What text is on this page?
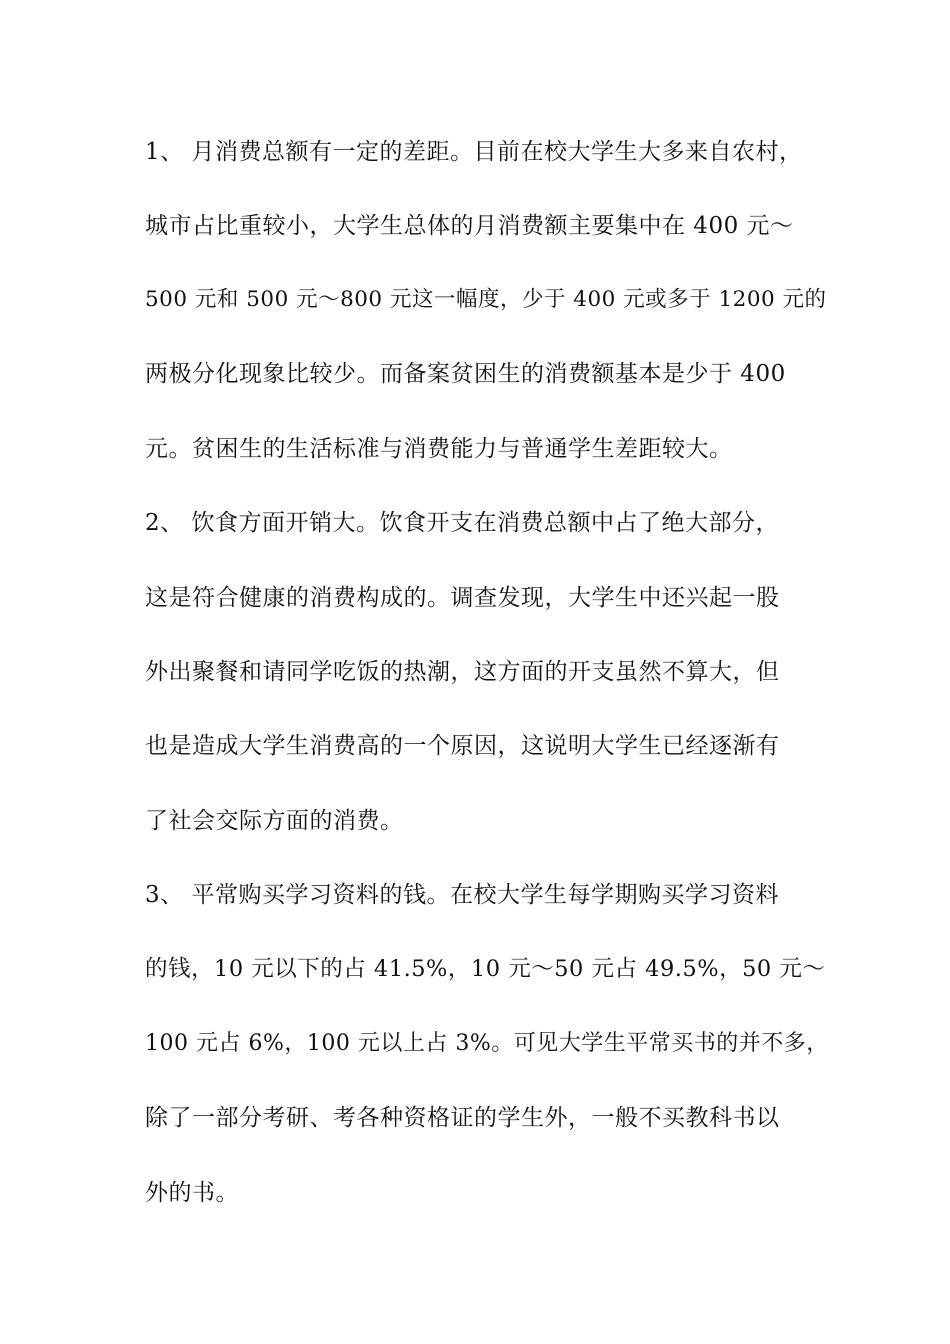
1、 月消费总额有一定的差距。目前在校大学生大多来自农村，
城市占比重较小，大学生总体的月消费额主要集中在 400 元～
500 元和 500 元～800 元这一幅度，少于 400 元或多于 1200 元的
两极分化现象比较少。而备案贫困生的消费额基本是少于 400
元。贫困生的生活标准与消费能力与普通学生差距较大。
2、 饮食方面开销大。饮食开支在消费总额中占了绝大部分，
这是符合健康的消费构成的。调查发现，大学生中还兴起一股
外出聚餐和请同学吃饭的热潮，这方面的开支虽然不算大，但
也是造成大学生消费高的一个原因，这说明大学生已经逐渐有
了社会交际方面的消费。
3、 平常购买学习资料的钱。在校大学生每学期购买学习资料
的钱，10 元以下的占 41.5%，10 元～50 元占 49.5%，50 元～
100 元占 6%，100 元以上占 3%。可见大学生平常买书的并不多，
除了一部分考研、考各种资格证的学生外，一般不买教科书以
外的书。
